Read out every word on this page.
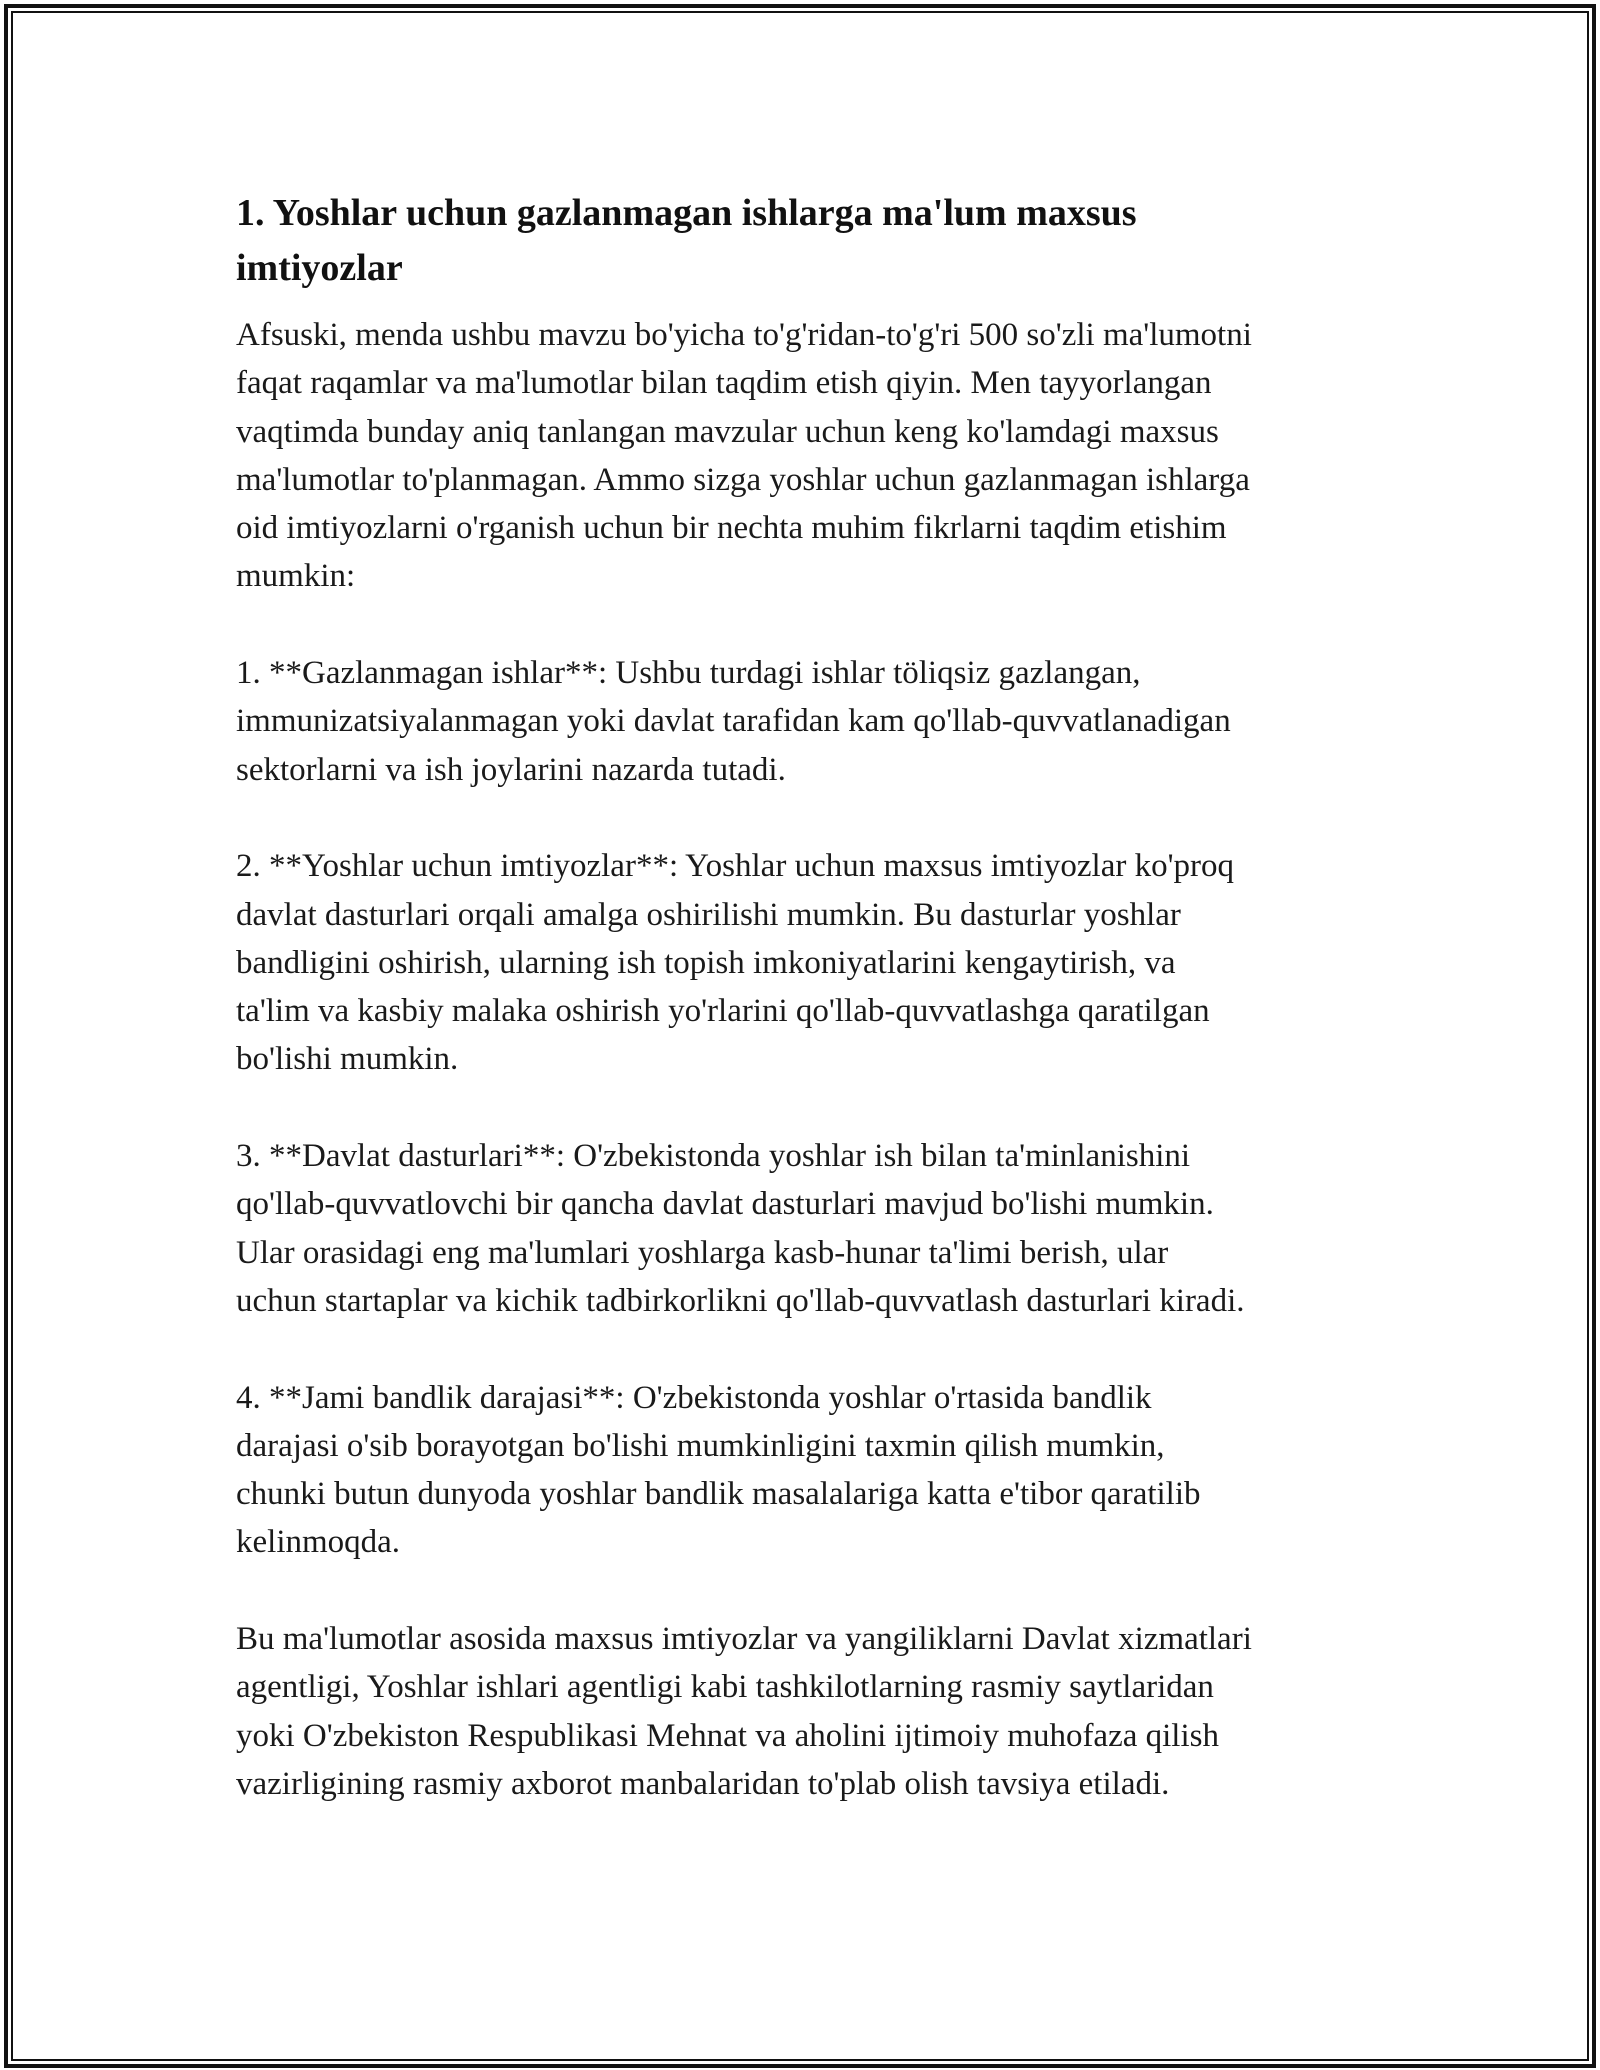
1. Yoshlar uchun gazlanmagan ishlarga ma'lum maxsus
imtiyozlar

Afsuski, menda ushbu mavzu bo'yicha to'g'ridan-to'g'ri 500 so'zli ma'lumotni
faqat raqamlar va ma'lumotlar bilan taqdim etish qiyin. Men tayyorlangan
vaqtimda bunday aniq tanlangan mavzular uchun keng ko'lamdagi maxsus
ma'lumotlar to'planmagan. Ammo sizga yoshlar uchun gazlanmagan ishlarga
oid imtiyozlarni o'rganish uchun bir nechta muhim fikrlarni taqdim etishim
mumkin:

1. **Gazlanmagan ishlar**: Ushbu turdagi ishlar töliqsiz gazlangan,
immunizatsiyalanmagan yoki davlat tarafidan kam qo'llab-quvvatlanadigan
sektorlarni va ish joylarini nazarda tutadi.

2. **Yoshlar uchun imtiyozlar**: Yoshlar uchun maxsus imtiyozlar ko'proq
davlat dasturlari orqali amalga oshirilishi mumkin. Bu dasturlar yoshlar
bandligini oshirish, ularning ish topish imkoniyatlarini kengaytirish, va
ta'lim va kasbiy malaka oshirish yo'rlarini qo'llab-quvvatlashga qaratilgan
bo'lishi mumkin.

3. **Davlat dasturlari**: O'zbekistonda yoshlar ish bilan ta'minlanishini
qo'llab-quvvatlovchi bir qancha davlat dasturlari mavjud bo'lishi mumkin.
Ular orasidagi eng ma'lumlari yoshlarga kasb-hunar ta'limi berish, ular
uchun startaplar va kichik tadbirkorlikni qo'llab-quvvatlash dasturlari kiradi.

4. **Jami bandlik darajasi**: O'zbekistonda yoshlar o'rtasida bandlik
darajasi o'sib borayotgan bo'lishi mumkinligini taxmin qilish mumkin,
chunki butun dunyoda yoshlar bandlik masalalariga katta e'tibor qaratilib
kelinmoqda.

Bu ma'lumotlar asosida maxsus imtiyozlar va yangiliklarni Davlat xizmatlari
agentligi, Yoshlar ishlari agentligi kabi tashkilotlarning rasmiy saytlaridan
yoki O'zbekiston Respublikasi Mehnat va aholini ijtimoiy muhofaza qilish
vazirligining rasmiy axborot manbalaridan to'plab olish tavsiya etiladi.
